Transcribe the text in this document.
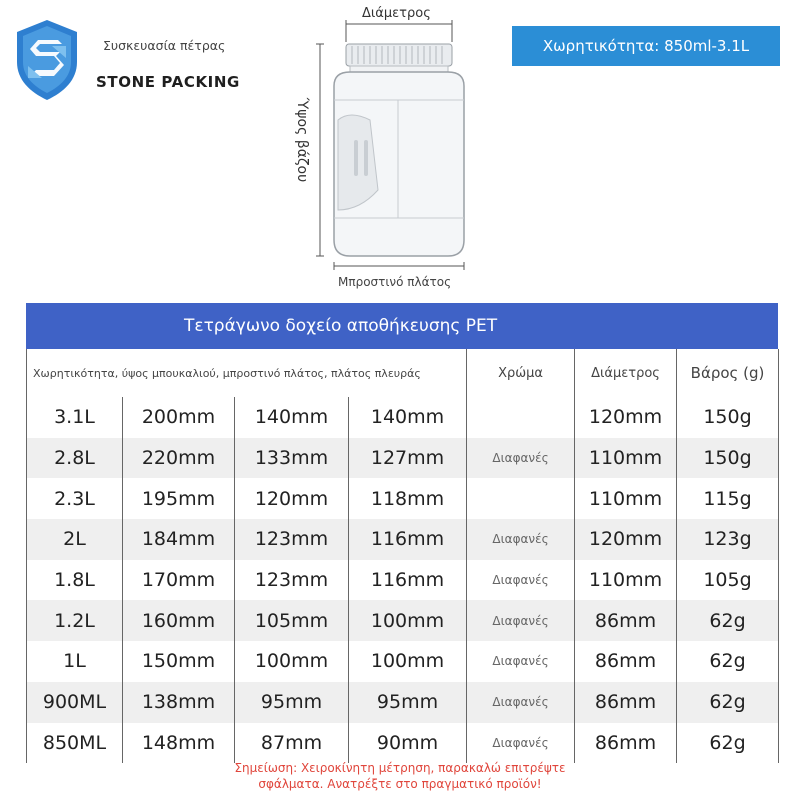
Συσκευασία πέτρας
STONE PACKING
Χωρητικότητα: 850ml-3.1L
Διάμετρος
Ύψος βάζου
Μπροστινό πλάτος
Τετράγωνο δοχείο αποθήκευσης PET
Χωρητικότητα, ύψος μπουκαλιού, μπροστινό πλάτος, πλάτος πλευράς				Χρώμα	Διάμετρος	Βάρος (g)
3.1L	200mm	140mm	140mm		120mm	150g
2.8L	220mm	133mm	127mm	Διαφανές	110mm	150g
2.3L	195mm	120mm	118mm		110mm	115g
2L	184mm	123mm	116mm	Διαφανές	120mm	123g
1.8L	170mm	123mm	116mm	Διαφανές	110mm	105g
1.2L	160mm	105mm	100mm	Διαφανές	86mm	62g
1L	150mm	100mm	100mm	Διαφανές	86mm	62g
900ML	138mm	95mm	95mm	Διαφανές	86mm	62g
850ML	148mm	87mm	90mm	Διαφανές	86mm	62g
Σημείωση: Χειροκίνητη μέτρηση, παρακαλώ επιτρέψτε
σφάλματα. Ανατρέξτε στο πραγματικό προϊόν!
